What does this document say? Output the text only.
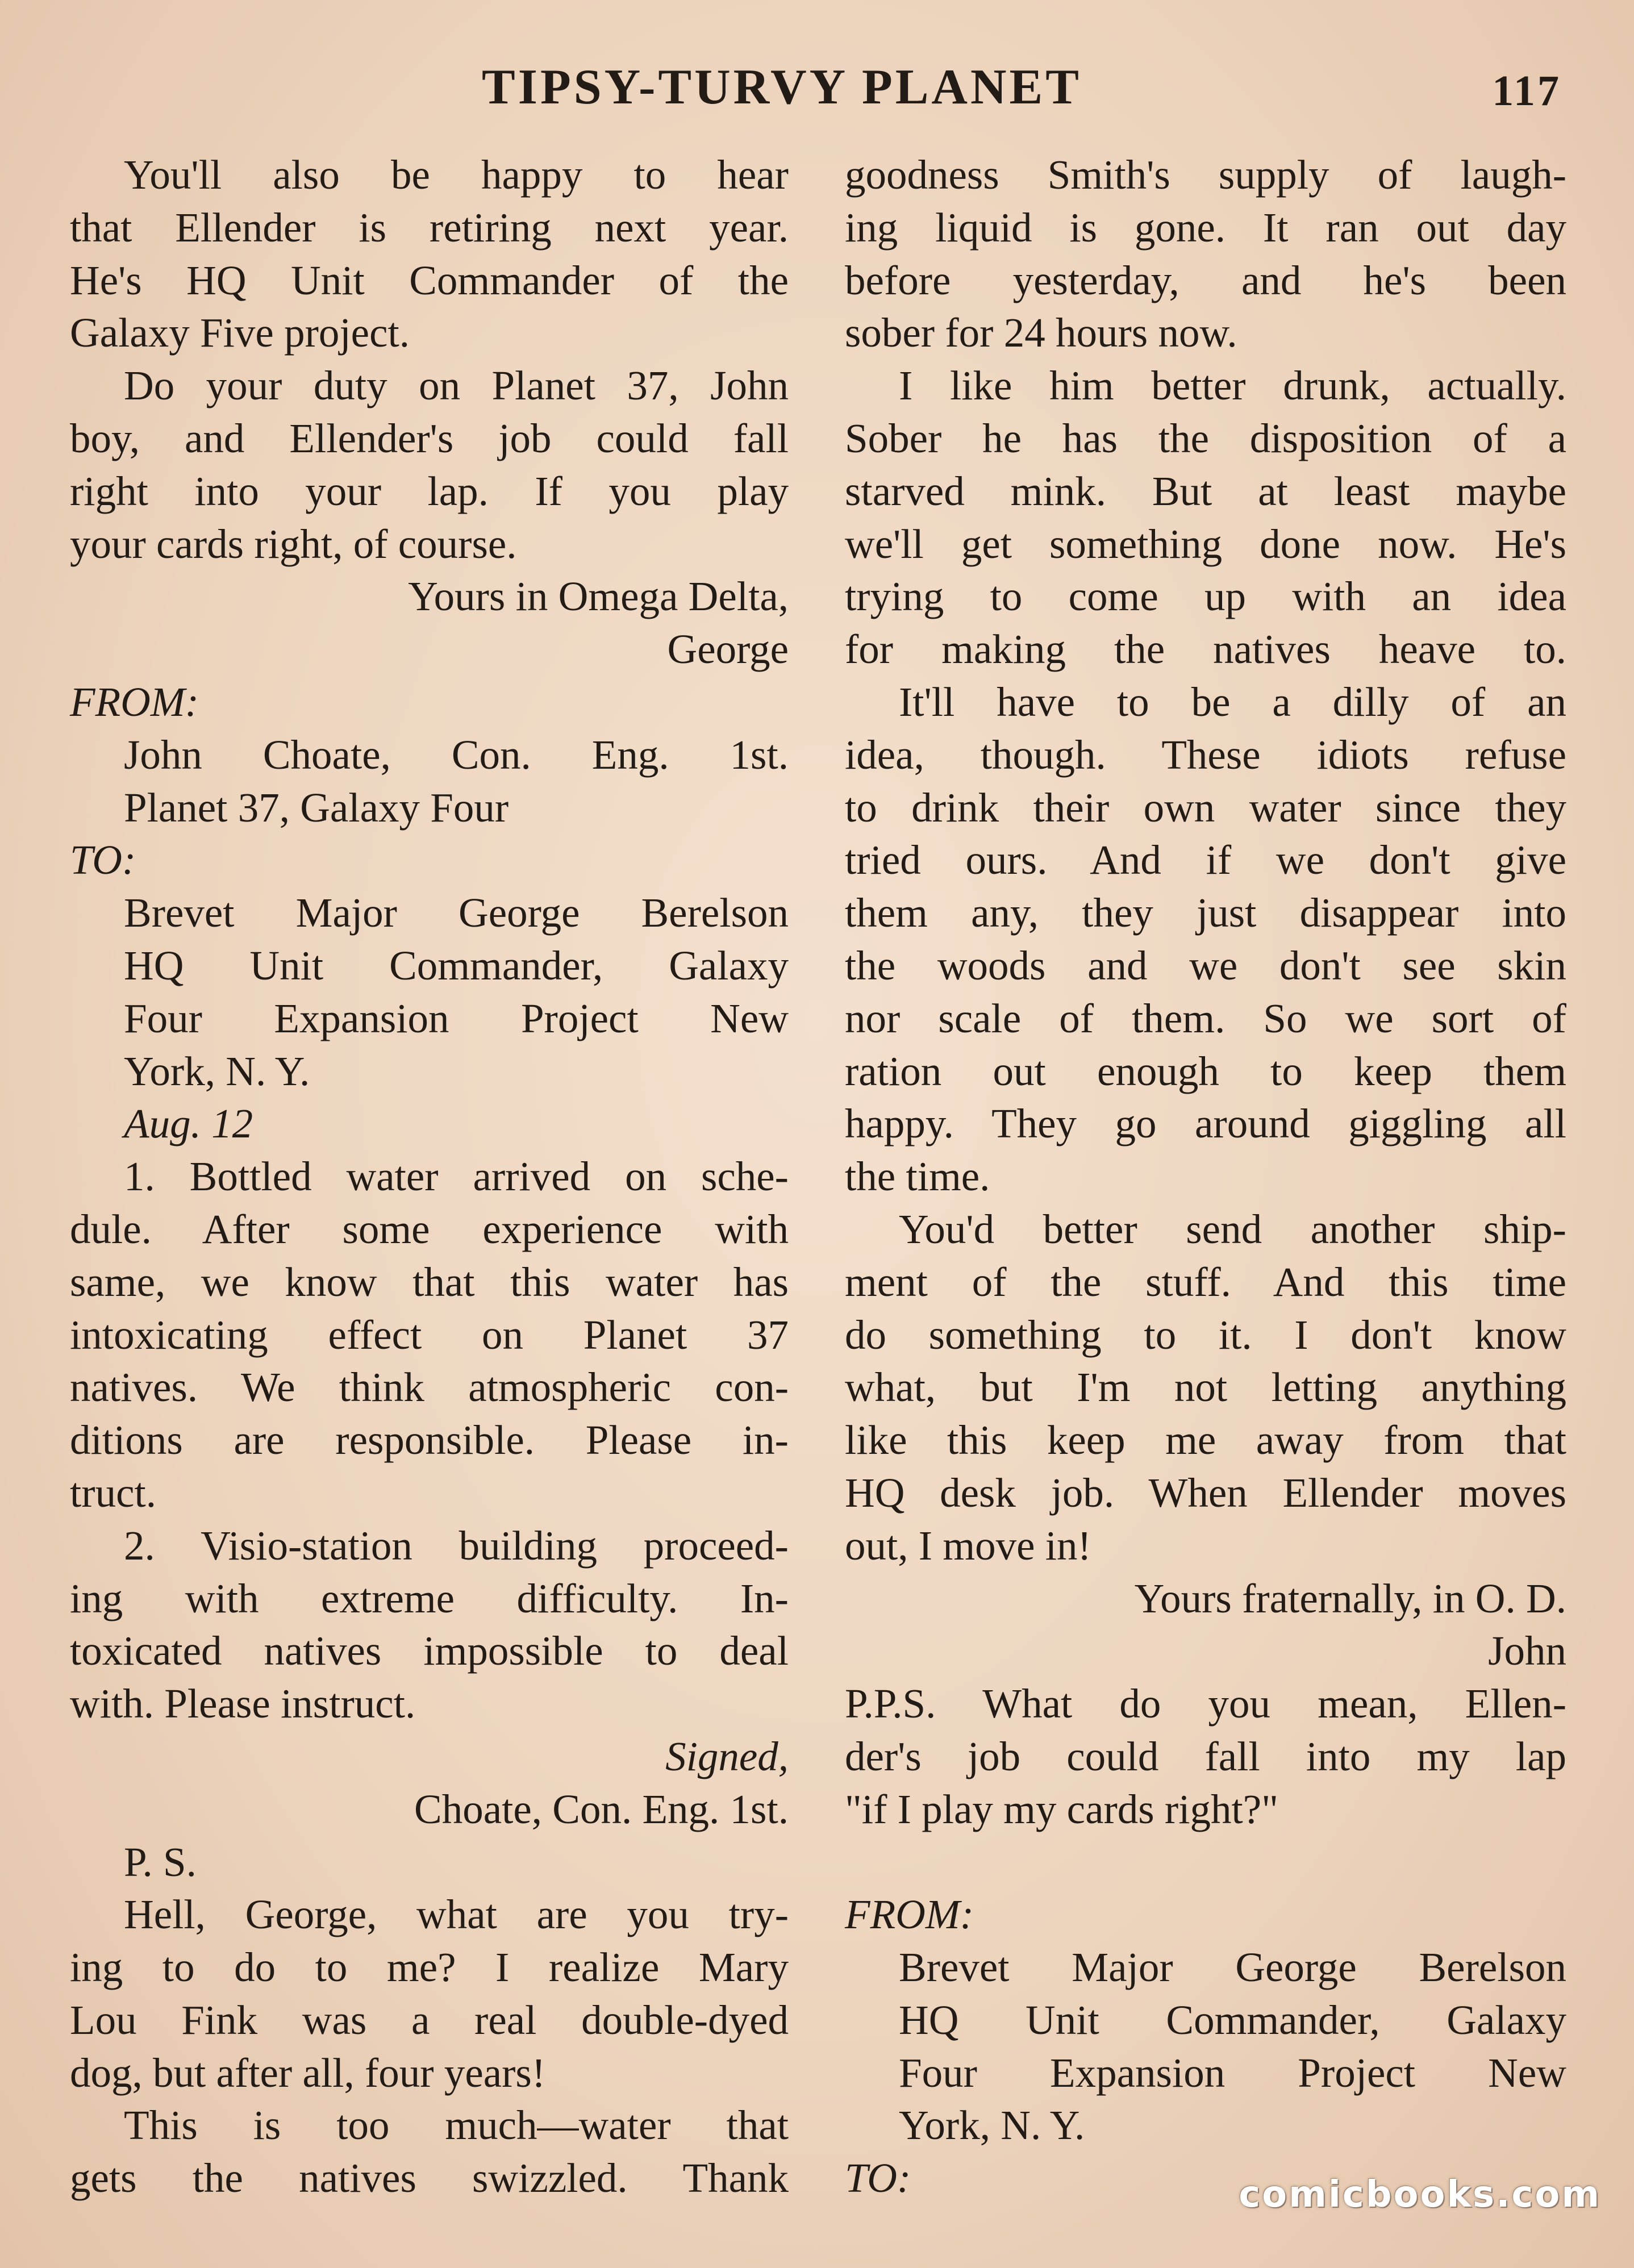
TIPSY-TURVY PLANET	117
You'll also be happy to hear
that Ellender is retiring next year.
He's HQ Unit Commander of the
Galaxy Five project.
Do your duty on Planet 37, John
boy, and Ellender's job could fall
right into your lap. If you play
your cards right, of course.
Yours in Omega Delta,
George
FROM:
John Choate, Con. Eng. 1st.
Planet 37, Galaxy Four
TO:
Brevet Major George Berelson
HQ Unit Commander, Galaxy
Four Expansion Project New
York, N. Y.
Aug. 12
1. Bottled water arrived on sche-
dule. After some experience with
same, we know that this water has
intoxicating effect on Planet 37
natives. We think atmospheric con-
ditions are responsible. Please in-
truct.
2. Visio-station building proceed-
ing with extreme difficulty. In-
toxicated natives impossible to deal
with. Please instruct.
Signed,
Choate, Con. Eng. 1st.
P. S.
Hell, George, what are you try-
ing to do to me? I realize Mary
Lou Fink was a real double-dyed
dog, but after all, four years!
This is too much—water that
gets the natives swizzled. Thank
goodness Smith's supply of laugh-
ing liquid is gone. It ran out day
before yesterday, and he's been
sober for 24 hours now.
I like him better drunk, actually.
Sober he has the disposition of a
starved mink. But at least maybe
we'll get something done now. He's
trying to come up with an idea
for making the natives heave to.
It'll have to be a dilly of an
idea, though. These idiots refuse
to drink their own water since they
tried ours. And if we don't give
them any, they just disappear into
the woods and we don't see skin
nor scale of them. So we sort of
ration out enough to keep them
happy. They go around giggling all
the time.
You'd better send another ship-
ment of the stuff. And this time
do something to it. I don't know
what, but I'm not letting anything
like this keep me away from that
HQ desk job. When Ellender moves
out, I move in!
Yours fraternally, in O. D.
John
P.P.S. What do you mean, Ellen-
der's job could fall into my lap
"if I play my cards right?"
FROM:
Brevet Major George Berelson
HQ Unit Commander, Galaxy
Four Expansion Project New
York, N. Y.
TO:	comicbooks.com
